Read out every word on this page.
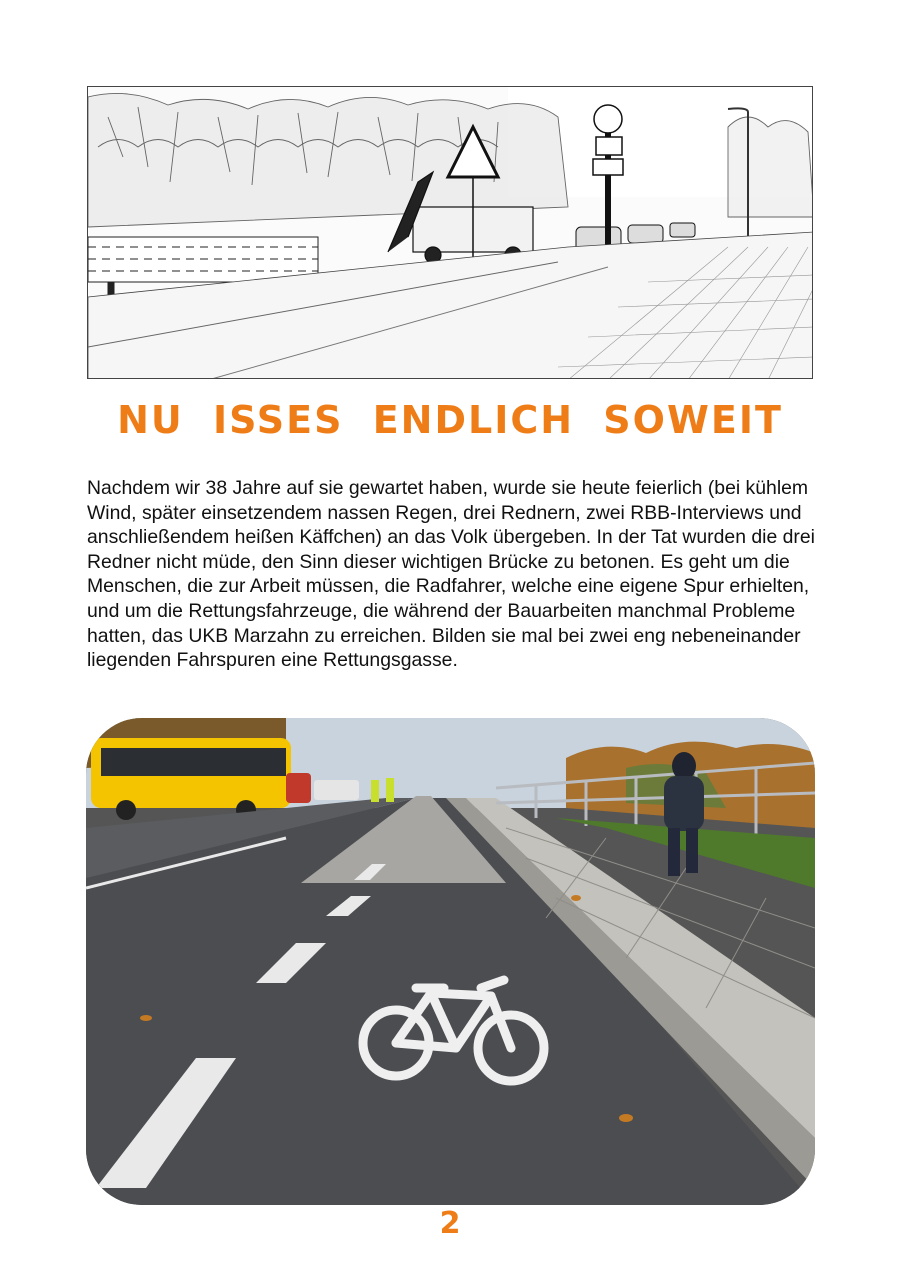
NU ISSES ENDLICH SOWEIT

Nachdem wir 38 Jahre auf sie gewartet haben, wurde sie heute feierlich (bei kühlem Wind, später einsetzendem nassen Regen, drei Rednern, zwei RBB-Interviews und anschließendem heißen Käffchen) an das Volk übergeben. In der Tat wurden die drei Redner nicht müde, den Sinn dieser wichtigen Brücke zu betonen. Es geht um die Menschen, die zur Arbeit müssen, die Radfahrer, welche eine eigene Spur erhielten, und um die Rettungsfahrzeuge, die während der Bauarbeiten manchmal Probleme hatten, das UKB Marzahn zu erreichen. Bilden sie mal bei zwei eng nebeneinander liegenden Fahrspuren eine Rettungsgasse.

2
